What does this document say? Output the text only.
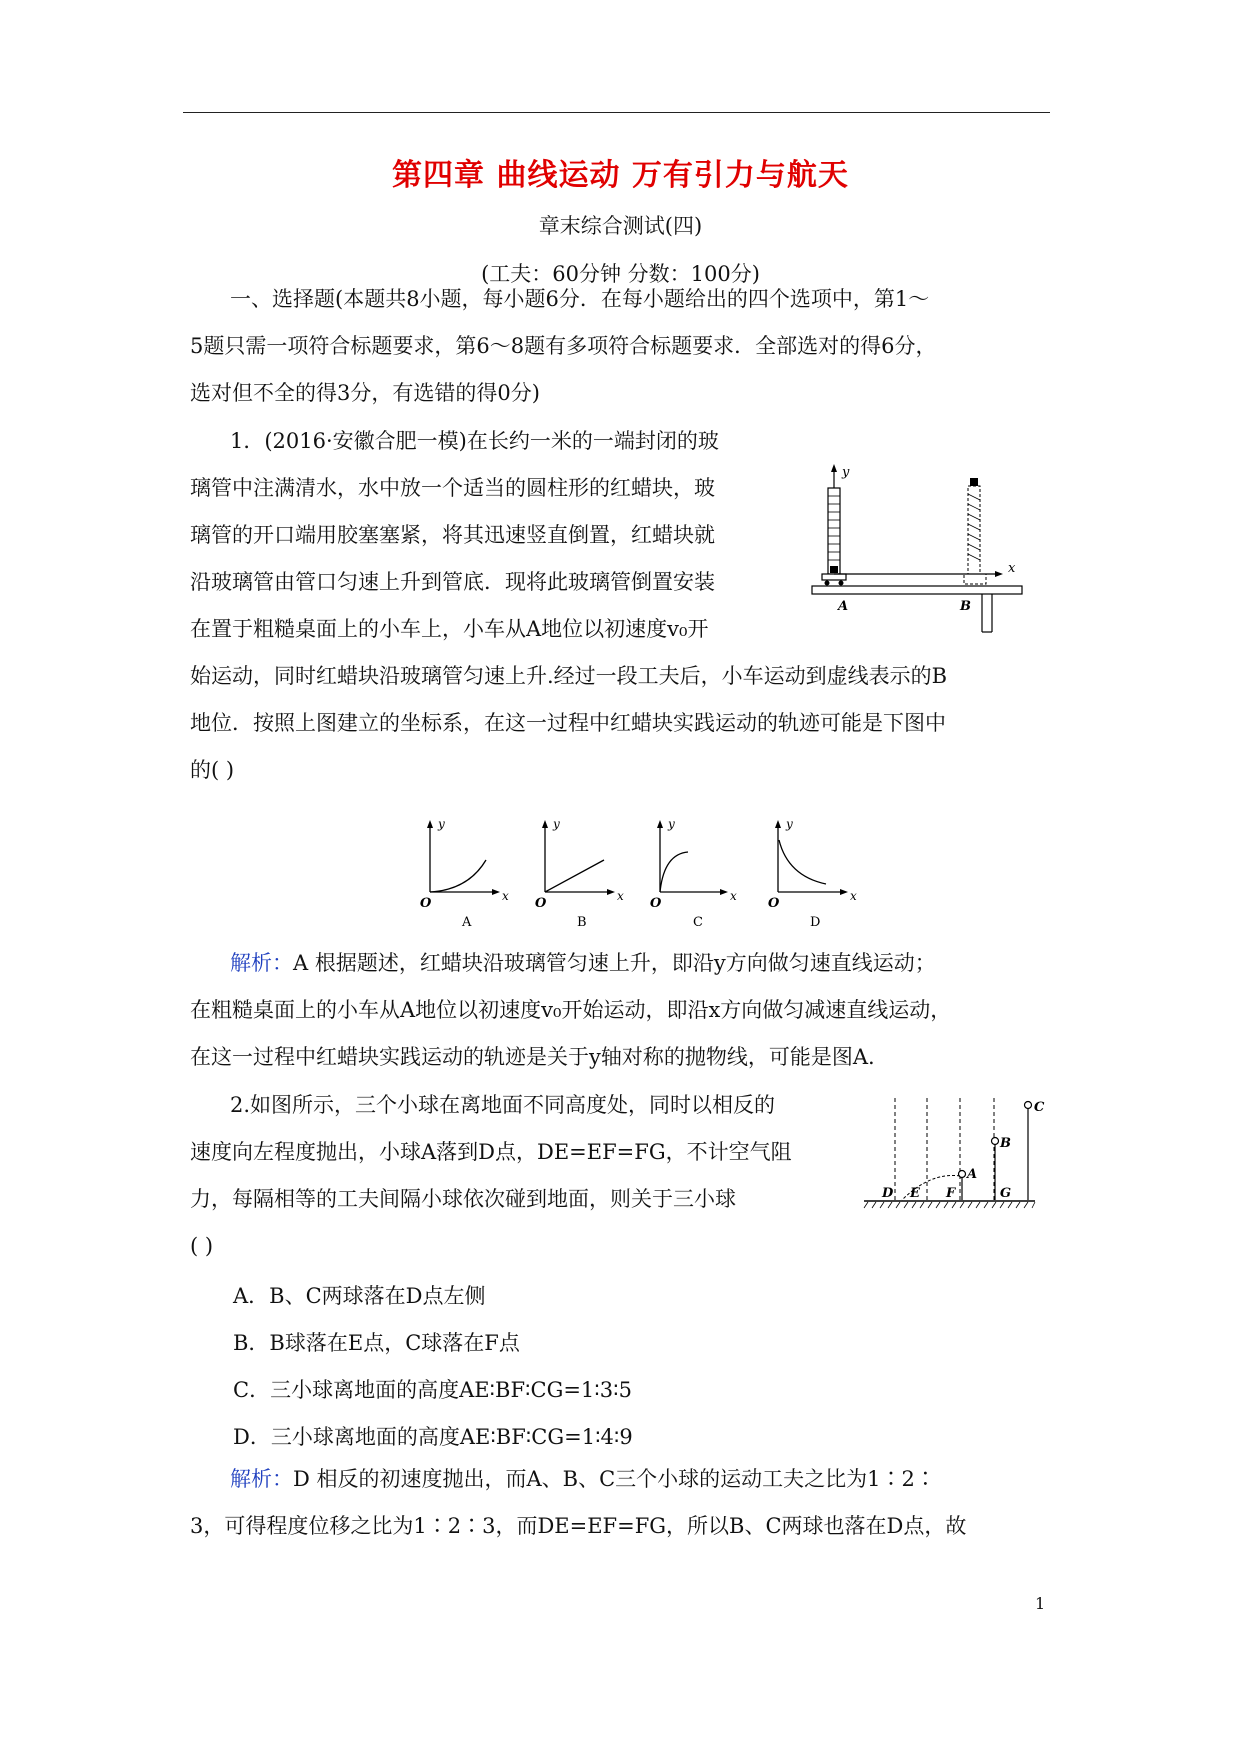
第四章 曲线运动 万有引力与航天
章末综合测试(四)
(工夫：60分钟 分数：100分)
一、选择题(本题共8小题，每小题6分．在每小题给出的四个选项中，第1～
5题只需一项符合标题要求，第6～8题有多项符合标题要求．全部选对的得6分，
选对但不全的得3分，有选错的得0分)
1．(2016·安徽合肥一模)在长约一米的一端封闭的玻
璃管中注满清水，水中放一个适当的圆柱形的红蜡块，玻
璃管的开口端用胶塞塞紧，将其迅速竖直倒置，红蜡块就
沿玻璃管由管口匀速上升到管底．现将此玻璃管倒置安装
在置于粗糙桌面上的小车上，小车从A地位以初速度v₀开
始运动，同时红蜡块沿玻璃管匀速上升.经过一段工夫后，小车运动到虚线表示的B
地位．按照上图建立的坐标系，在这一过程中红蜡块实践运动的轨迹可能是下图中
的( )
y
x
A	B
y
x
O
A
y
x
O
B
y
x
O
C
y
x
O
D
解析：A 根据题述，红蜡块沿玻璃管匀速上升，即沿y方向做匀速直线运动；
在粗糙桌面上的小车从A地位以初速度v₀开始运动，即沿x方向做匀减速直线运动，
在这一过程中红蜡块实践运动的轨迹是关于y轴对称的抛物线，可能是图A.
2.如图所示，三个小球在离地面不同高度处，同时以相反的
速度向左程度抛出，小球A落到D点，DE=EF=FG，不计空气阻
力，每隔相等的工夫间隔小球依次碰到地面，则关于三小球
( )
C
B
A
D E F	G
A．B、C两球落在D点左侧
B．B球落在E点，C球落在F点
C．三小球离地面的高度AE∶BF∶CG=1∶3∶5
D．三小球离地面的高度AE∶BF∶CG=1∶4∶9
解析：D 相反的初速度抛出，而A、B、C三个小球的运动工夫之比为1∶2∶
3，可得程度位移之比为1∶2∶3，而DE=EF=FG，所以B、C两球也落在D点，故
1
